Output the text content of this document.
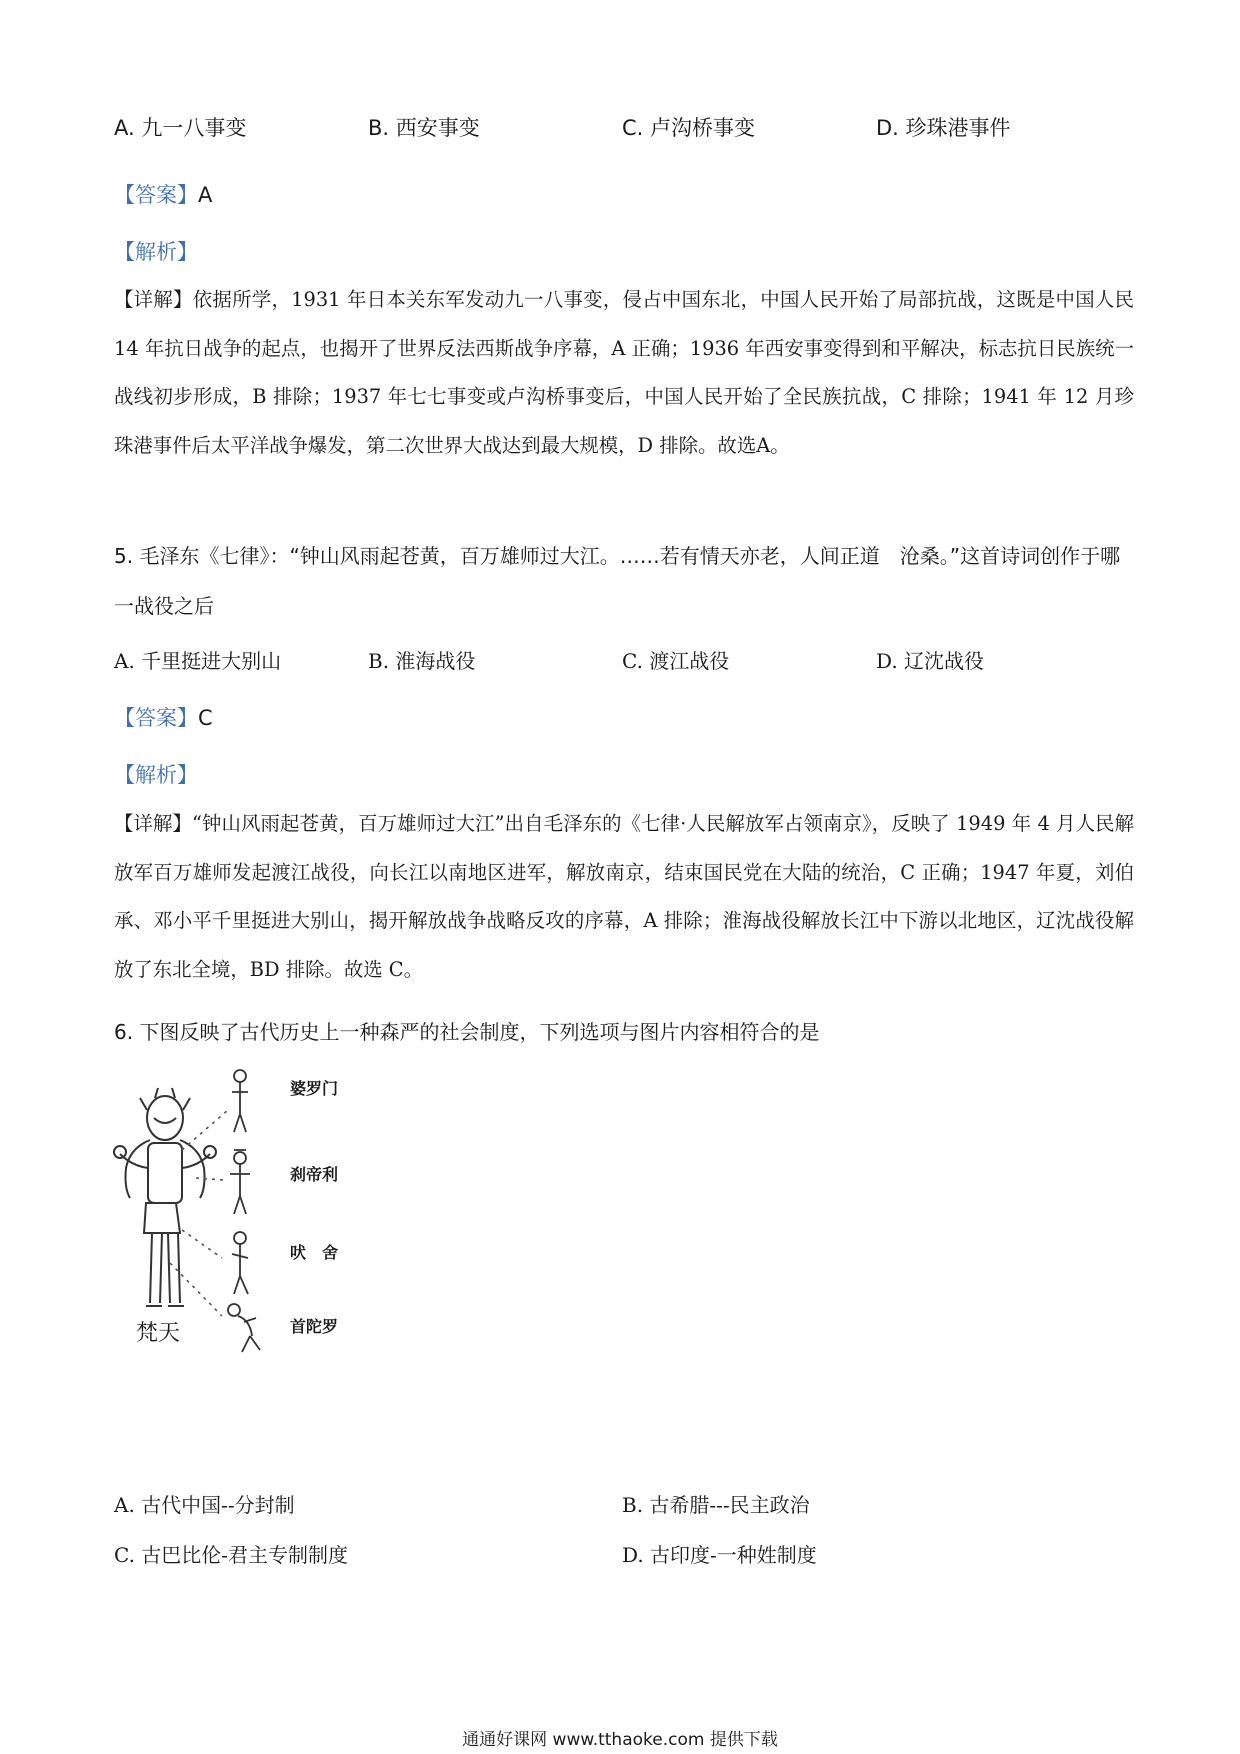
A. 九一八事变	B. 西安事变	C. 卢沟桥事变	D. 珍珠港事件
【答案】A
【解析】
【详解】依据所学，1931 年日本关东军发动九一八事变，侵占中国东北，中国人民开始了局部抗战，这既是中国人民 14 年抗日战争的起点，也揭开了世界反法西斯战争序幕，A 正确；1936 年西安事变得到和平解决，标志抗日民族统一战线初步形成，B 排除；1937 年七七事变或卢沟桥事变后，中国人民开始了全民族抗战，C 排除；1941 年 12 月珍珠港事件后太平洋战争爆发，第二次世界大战达到最大规模，D 排除。故选A。
5. 毛泽东《七律》：“钟山风雨起苍黄，百万雄师过大江。……若有情天亦老，人间正道　沧桑。”这首诗词创作于哪一战役之后
A. 千里挺进大别山	B. 淮海战役	C. 渡江战役	D. 辽沈战役
【答案】C
【解析】
【详解】“钟山风雨起苍黄，百万雄师过大江”出自毛泽东的《七律·人民解放军占领南京》，反映了 1949 年 4 月人民解放军百万雄师发起渡江战役，向长江以南地区进军，解放南京，结束国民党在大陆的统治，C 正确；1947 年夏，刘伯承、邓小平千里挺进大别山，揭开解放战争战略反攻的序幕，A 排除；淮海战役解放长江中下游以北地区，辽沈战役解放了东北全境，BD 排除。故选 C。
6. 下图反映了古代历史上一种森严的社会制度，下列选项与图片内容相符合的是
梵天
婆罗门
刹帝利
吠　舍
首陀罗
A. 古代中国--分封制	B. 古希腊---民主政治
C. 古巴比伦-君主专制制度	D. 古印度-一种姓制度
通通好课网 www.tthaoke.com 提供下载
